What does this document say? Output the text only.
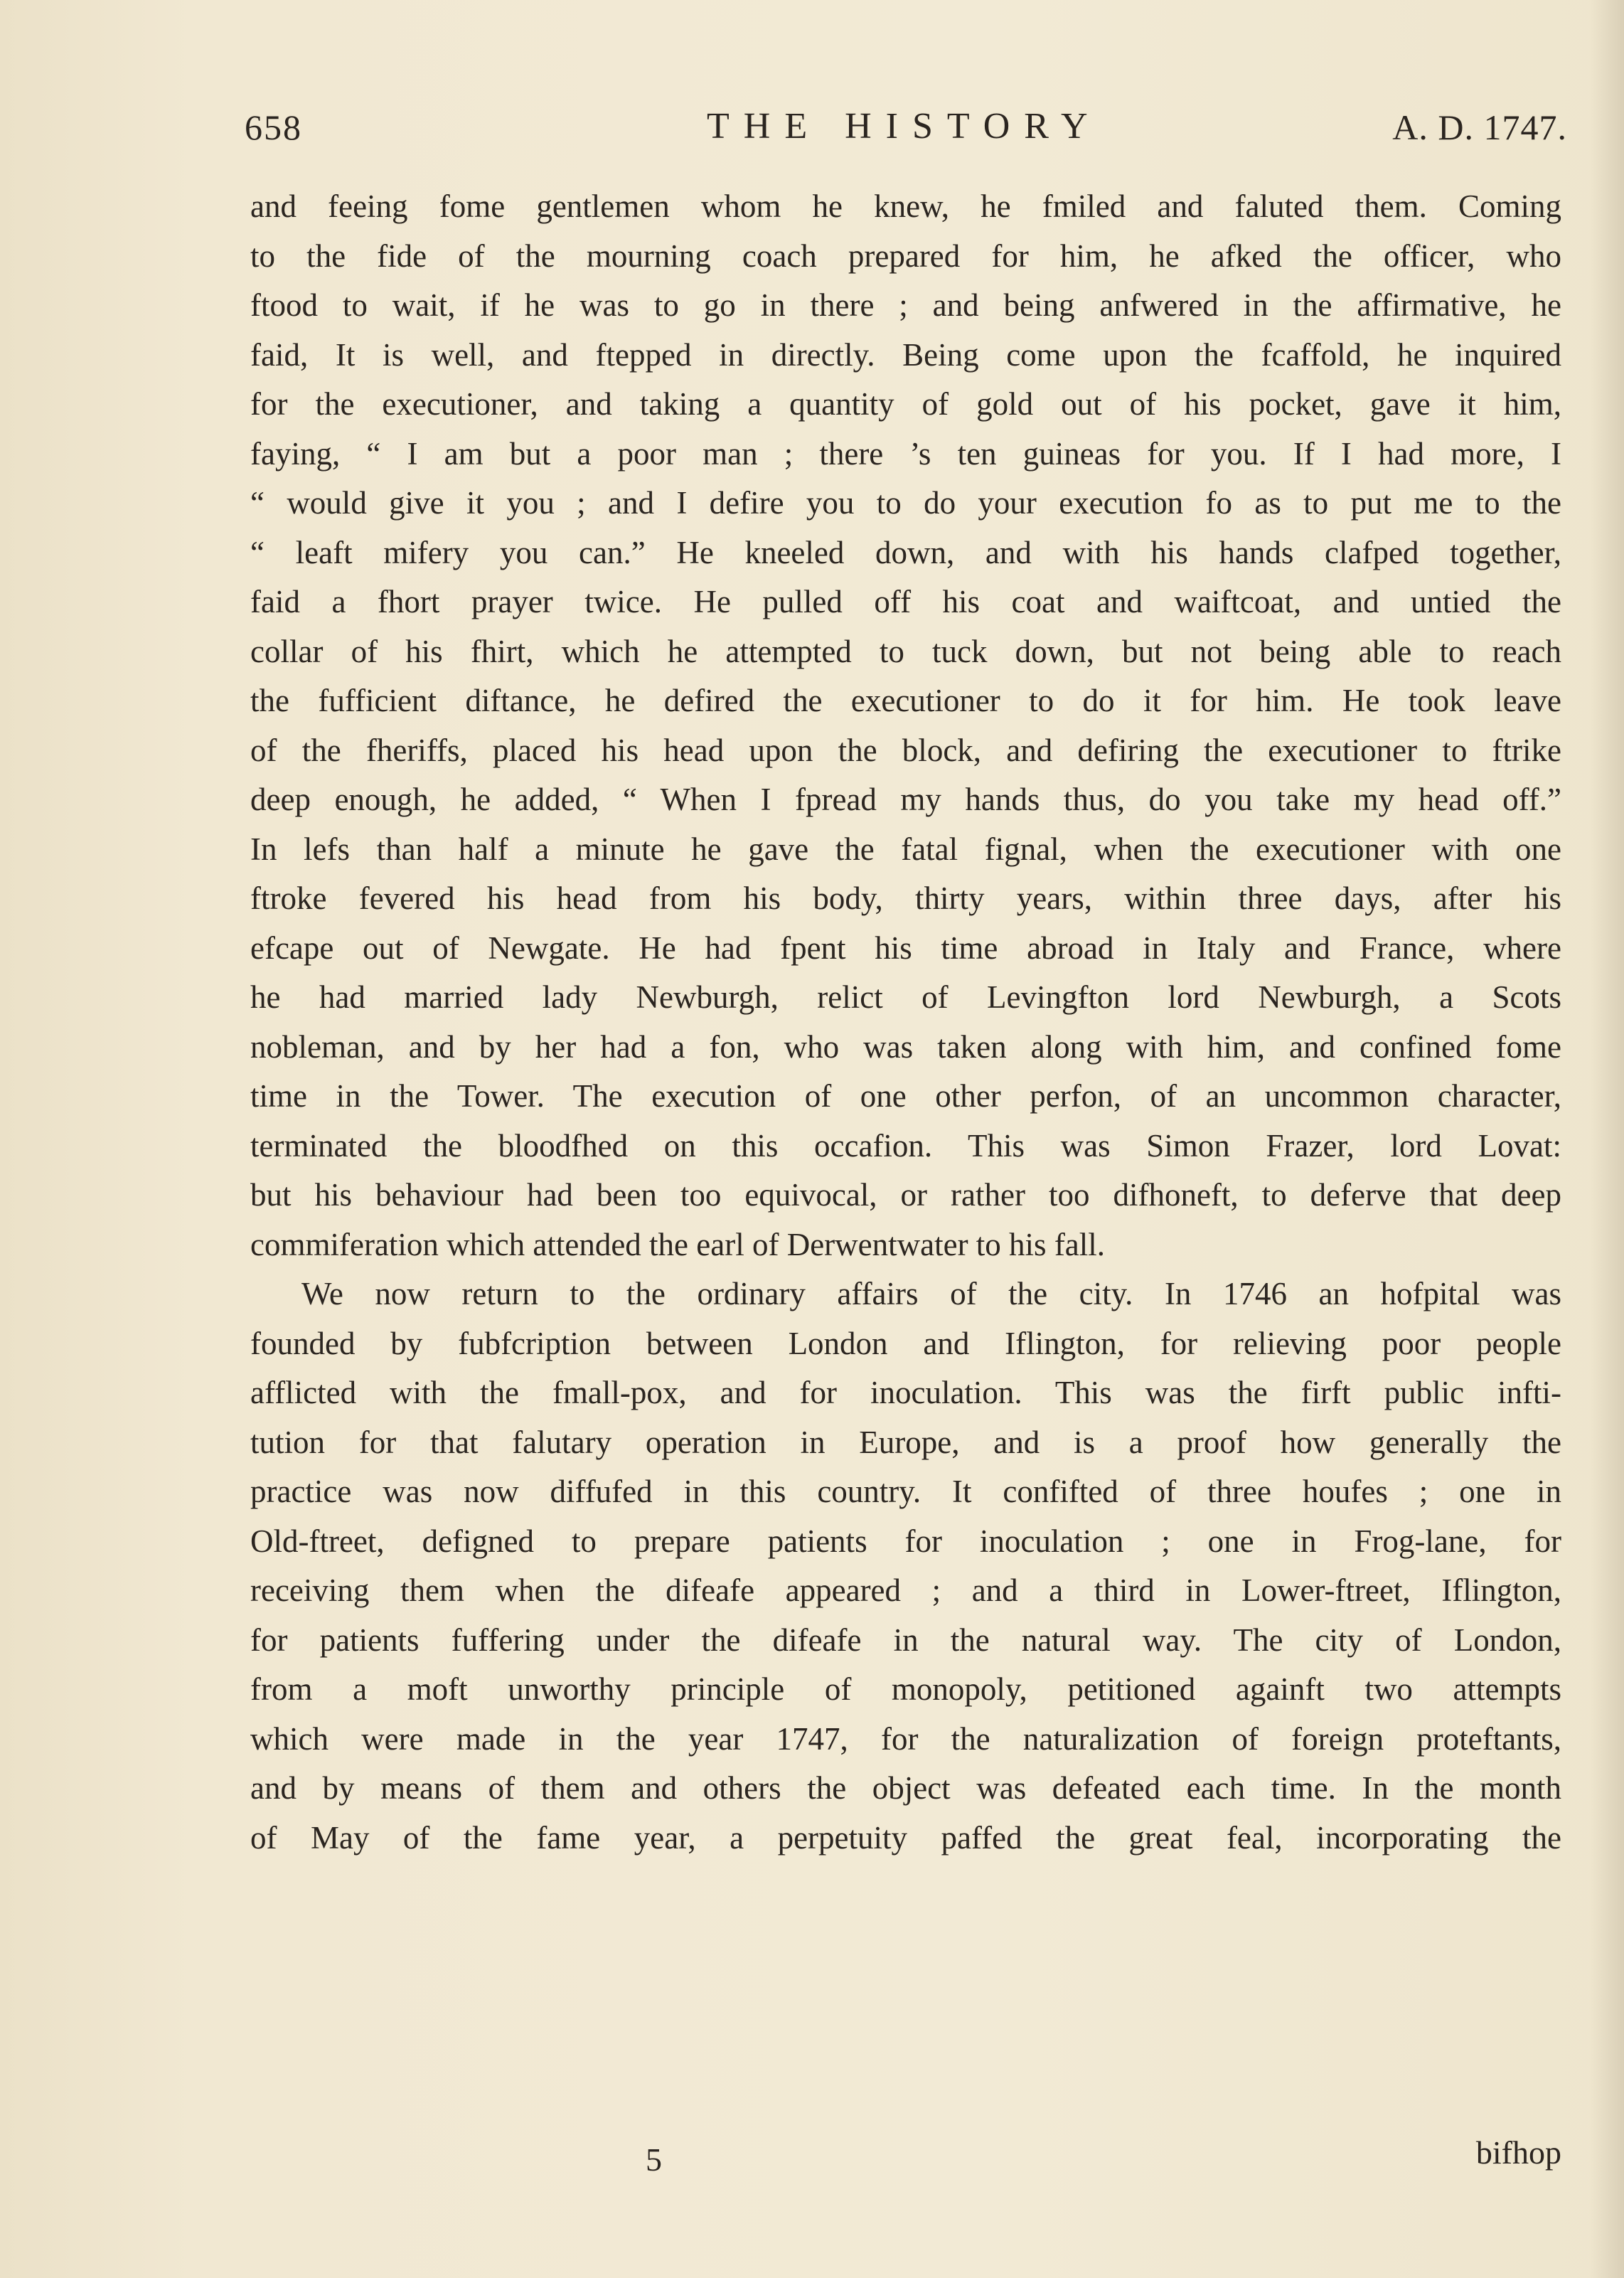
658	THE HISTORY	A. D. 1747.
and feeing fome gentlemen whom he knew, he fmiled and faluted them. Coming
to the fide of the mourning coach prepared for him, he afked the officer, who
ftood to wait, if he was to go in there ; and being anfwered in the affirmative, he
faid, It is well, and ftepped in directly. Being come upon the fcaffold, he inquired
for the executioner, and taking a quantity of gold out of his pocket, gave it him,
faying, “ I am but a poor man ; there ’s ten guineas for you. If I had more, I
“ would give it you ; and I defire you to do your execution fo as to put me to the
“ leaft mifery you can.” He kneeled down, and with his hands clafped together,
faid a fhort prayer twice. He pulled off his coat and waiftcoat, and untied the
collar of his fhirt, which he attempted to tuck down, but not being able to reach
the fufficient diftance, he defired the executioner to do it for him. He took leave
of the fheriffs, placed his head upon the block, and defiring the executioner to ftrike
deep enough, he added, “ When I fpread my hands thus, do you take my head off.”
In lefs than half a minute he gave the fatal fignal, when the executioner with one
ftroke fevered his head from his body, thirty years, within three days, after his
efcape out of Newgate. He had fpent his time abroad in Italy and France, where
he had married lady Newburgh, relict of Levingfton lord Newburgh, a Scots
nobleman, and by her had a fon, who was taken along with him, and confined fome
time in the Tower. The execution of one other perfon, of an uncommon character,
terminated the bloodfhed on this occafion. This was Simon Frazer, lord Lovat:
but his behaviour had been too equivocal, or rather too difhoneft, to deferve that deep
commiferation which attended the earl of Derwentwater to his fall.
We now return to the ordinary affairs of the city. In 1746 an hofpital was
founded by fubfcription between London and Iflington, for relieving poor people
afflicted with the fmall-pox, and for inoculation. This was the firft public infti-
tution for that falutary operation in Europe, and is a proof how generally the
practice was now diffufed in this country. It confifted of three houfes ; one in
Old-ftreet, defigned to prepare patients for inoculation ; one in Frog-lane, for
receiving them when the difeafe appeared ; and a third in Lower-ftreet, Iflington,
for patients fuffering under the difeafe in the natural way. The city of London,
from a moft unworthy principle of monopoly, petitioned againft two attempts
which were made in the year 1747, for the naturalization of foreign proteftants,
and by means of them and others the object was defeated each time. In the month
of May of the fame year, a perpetuity paffed the great feal, incorporating the
5	bifhop
